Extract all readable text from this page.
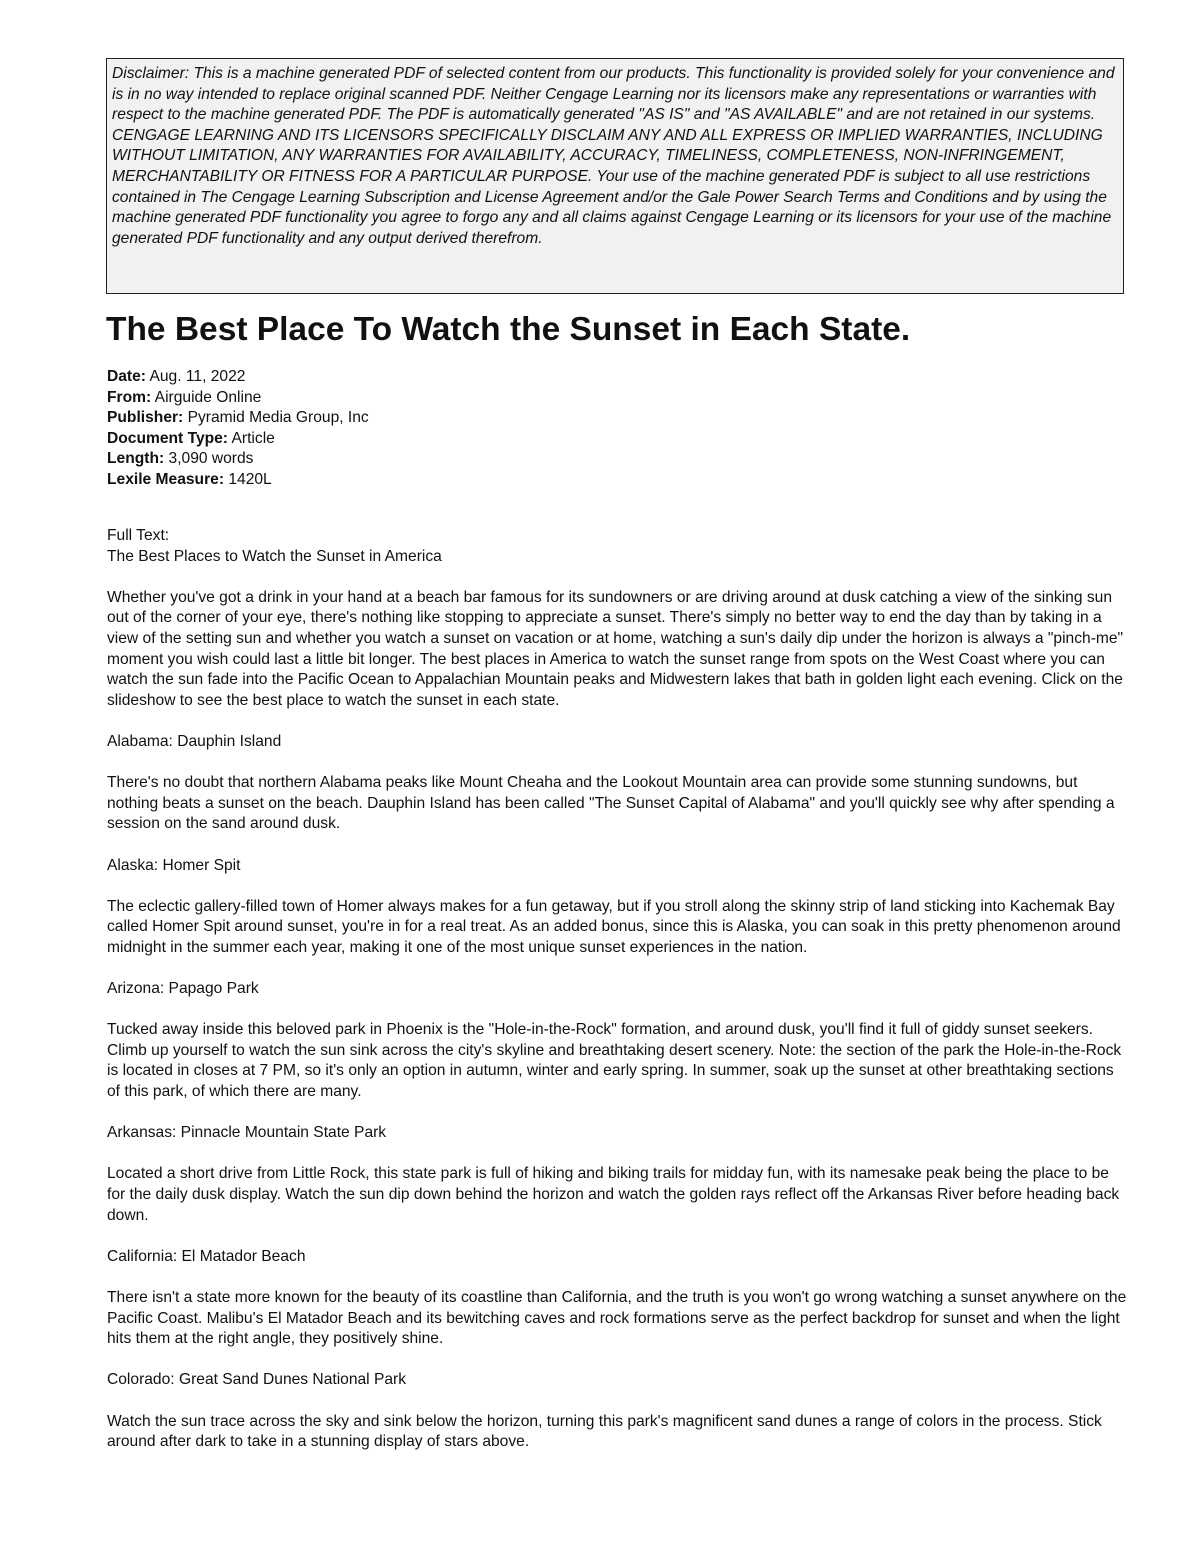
Disclaimer: This is a machine generated PDF of selected content from our products. This functionality is provided solely for your convenience and is in no way intended to replace original scanned PDF. Neither Cengage Learning nor its licensors make any representations or warranties with respect to the machine generated PDF. The PDF is automatically generated "AS IS" and "AS AVAILABLE" and are not retained in our systems. CENGAGE LEARNING AND ITS LICENSORS SPECIFICALLY DISCLAIM ANY AND ALL EXPRESS OR IMPLIED WARRANTIES, INCLUDING WITHOUT LIMITATION, ANY WARRANTIES FOR AVAILABILITY, ACCURACY, TIMELINESS, COMPLETENESS, NON-INFRINGEMENT, MERCHANTABILITY OR FITNESS FOR A PARTICULAR PURPOSE. Your use of the machine generated PDF is subject to all use restrictions contained in The Cengage Learning Subscription and License Agreement and/or the Gale Power Search Terms and Conditions and by using the machine generated PDF functionality you agree to forgo any and all claims against Cengage Learning or its licensors for your use of the machine generated PDF functionality and any output derived therefrom.

The Best Place To Watch the Sunset in Each State.
Date: Aug. 11, 2022
From: Airguide Online
Publisher: Pyramid Media Group, Inc
Document Type: Article
Length: 3,090 words
Lexile Measure: 1420L

Full Text:

The Best Places to Watch the Sunset in America

Whether you've got a drink in your hand at a beach bar famous for its sundowners or are driving around at dusk catching a view of the sinking sun out of the corner of your eye, there's nothing like stopping to appreciate a sunset. There's simply no better way to end the day than by taking in a view of the setting sun and whether you watch a sunset on vacation or at home, watching a sun's daily dip under the horizon is always a "pinch-me" moment you wish could last a little bit longer. The best places in America to watch the sunset range from spots on the West Coast where you can watch the sun fade into the Pacific Ocean to Appalachian Mountain peaks and Midwestern lakes that bath in golden light each evening. Click on the slideshow to see the best place to watch the sunset in each state.

Alabama: Dauphin Island

There's no doubt that northern Alabama peaks like Mount Cheaha and the Lookout Mountain area can provide some stunning sundowns, but nothing beats a sunset on the beach. Dauphin Island has been called "The Sunset Capital of Alabama" and you'll quickly see why after spending a session on the sand around dusk.

Alaska: Homer Spit

The eclectic gallery-filled town of Homer always makes for a fun getaway, but if you stroll along the skinny strip of land sticking into Kachemak Bay called Homer Spit around sunset, you're in for a real treat. As an added bonus, since this is Alaska, you can soak in this pretty phenomenon around midnight in the summer each year, making it one of the most unique sunset experiences in the nation.

Arizona: Papago Park

Tucked away inside this beloved park in Phoenix is the "Hole-in-the-Rock" formation, and around dusk, you'll find it full of giddy sunset seekers. Climb up yourself to watch the sun sink across the city's skyline and breathtaking desert scenery. Note: the section of the park the Hole-in-the-Rock is located in closes at 7 PM, so it's only an option in autumn, winter and early spring. In summer, soak up the sunset at other breathtaking sections of this park, of which there are many.

Arkansas: Pinnacle Mountain State Park

Located a short drive from Little Rock, this state park is full of hiking and biking trails for midday fun, with its namesake peak being the place to be for the daily dusk display. Watch the sun dip down behind the horizon and watch the golden rays reflect off the Arkansas River before heading back down.

California: El Matador Beach

There isn't a state more known for the beauty of its coastline than California, and the truth is you won't go wrong watching a sunset anywhere on the Pacific Coast. Malibu's El Matador Beach and its bewitching caves and rock formations serve as the perfect backdrop for sunset and when the light hits them at the right angle, they positively shine.

Colorado: Great Sand Dunes National Park

Watch the sun trace across the sky and sink below the horizon, turning this park's magnificent sand dunes a range of colors in the process. Stick around after dark to take in a stunning display of stars above.
